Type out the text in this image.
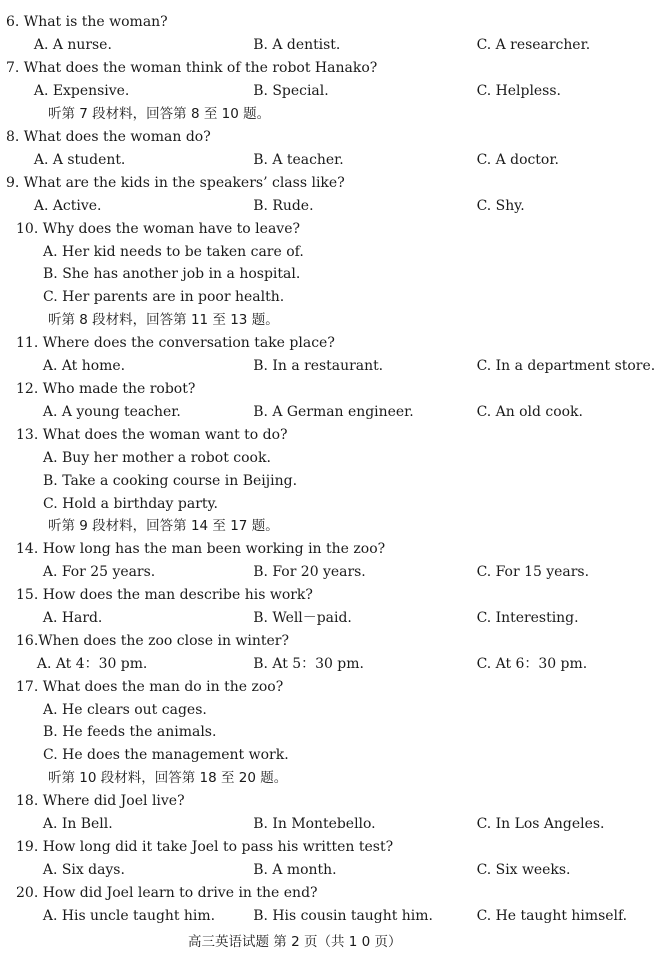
6. What is the woman?
A. A nurse.	B. A dentist.	C. A researcher.
7. What does the woman think of the robot Hanako?
A. Expensive.	B. Special.	C. Helpless.
听第 7 段材料，回答第 8 至 10 题。
8. What does the woman do?
A. A student.	B. A teacher.	C. A doctor.
9. What are the kids in the speakers’ class like?
A. Active.	B. Rude.	C. Shy.
10. Why does the woman have to leave?
A. Her kid needs to be taken care of.
B. She has another job in a hospital.
C. Her parents are in poor health.
听第 8 段材料，回答第 11 至 13 题。
11. Where does the conversation take place?
A. At home.	B. In a restaurant.	C. In a department store.
12. Who made the robot?
A. A young teacher.	B. A German engineer.	C. An old cook.
13. What does the woman want to do?
A. Buy her mother a robot cook.
B. Take a cooking course in Beijing.
C. Hold a birthday party.
听第 9 段材料，回答第 14 至 17 题。
14. How long has the man been working in the zoo?
A. For 25 years.	B. For 20 years.	C. For 15 years.
15. How does the man describe his work?
A. Hard.	B. Well－paid.	C. Interesting.
16.When does the zoo close in winter?
A. At 4：30 pm.	B. At 5：30 pm.	C. At 6：30 pm.
17. What does the man do in the zoo?
A. He clears out cages.
B. He feeds the animals.
C. He does the management work.
听第 10 段材料，回答第 18 至 20 题。
18. Where did Joel live?
A. In Bell.	B. In Montebello.	C. In Los Angeles.
19. How long did it take Joel to pass his written test?
A. Six days.	B. A month.	C. Six weeks.
20. How did Joel learn to drive in the end?
A. His uncle taught him.	B. His cousin taught him.	C. He taught himself.
高三英语试题 第 2 页（共 1 0 页）
